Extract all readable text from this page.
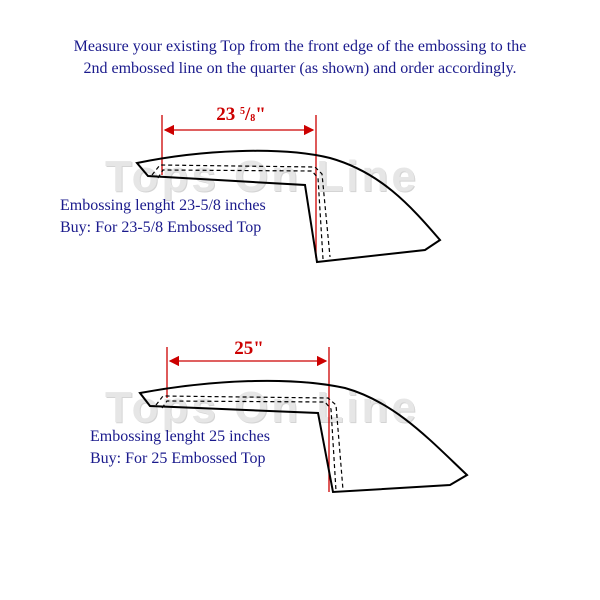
Measure your existing Top from the front edge of the embossing to the
2nd embossed line on the quarter (as shown) and order accordingly.
Tops On Line
Tops On Line
23 $^5/_8$"
25"
Embossing lenght 23-5/8 inches
Buy: For 23-5/8 Embossed Top
Embossing lenght 25 inches
Buy: For 25 Embossed Top
